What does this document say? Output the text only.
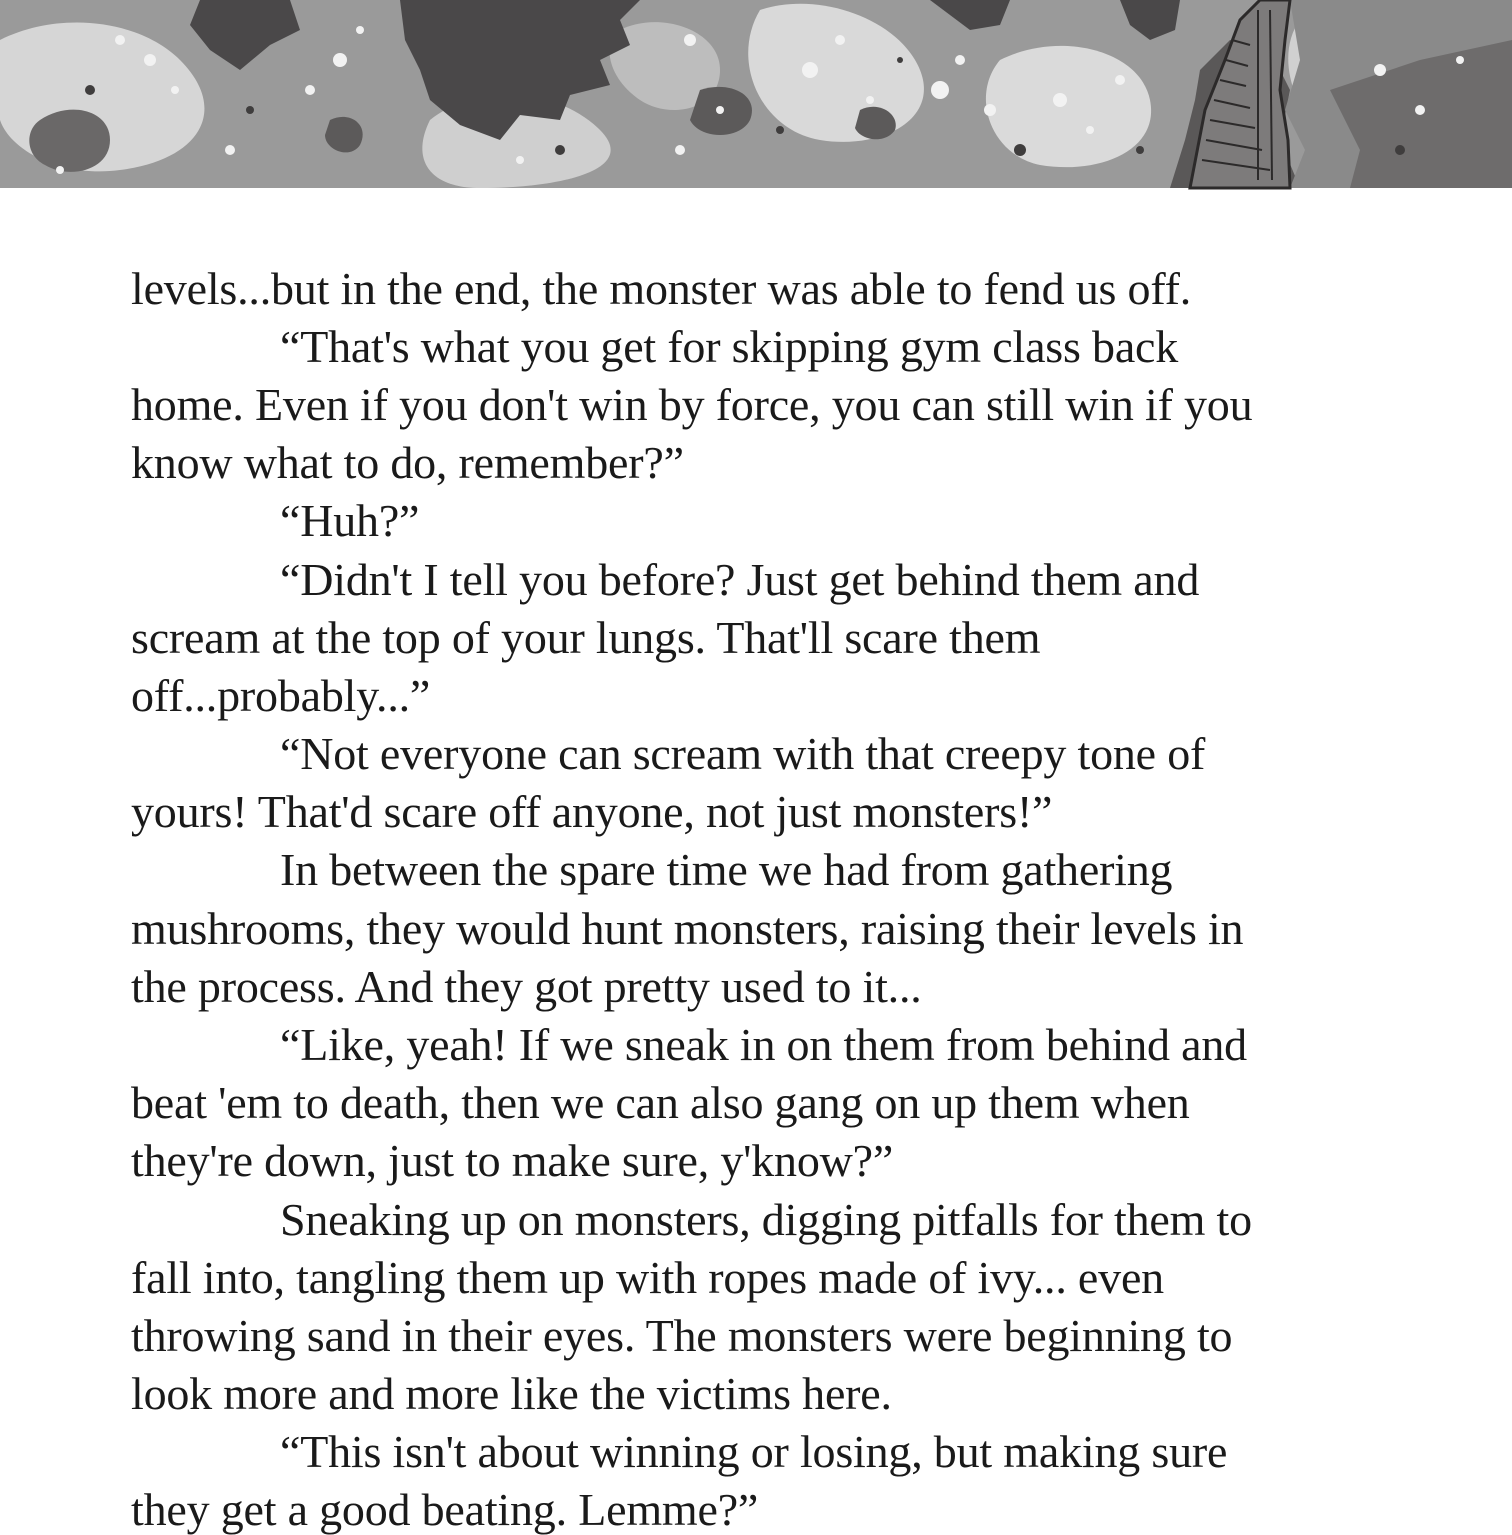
levels...but in the end, the monster was able to fend us off.
“That's what you get for skipping gym class back
home. Even if you don't win by force, you can still win if you
know what to do, remember?”
“Huh?”
“Didn't I tell you before? Just get behind them and
scream at the top of your lungs. That'll scare them
off...probably...”
“Not everyone can scream with that creepy tone of
yours! That'd scare off anyone, not just monsters!”
In between the spare time we had from gathering
mushrooms, they would hunt monsters, raising their levels in
the process. And they got pretty used to it...
“Like, yeah! If we sneak in on them from behind and
beat 'em to death, then we can also gang on up them when
they're down, just to make sure, y'know?”
Sneaking up on monsters, digging pitfalls for them to
fall into, tangling them up with ropes made of ivy... even
throwing sand in their eyes. The monsters were beginning to
look more and more like the victims here.
“This isn't about winning or losing, but making sure
they get a good beating. Lemme?”
